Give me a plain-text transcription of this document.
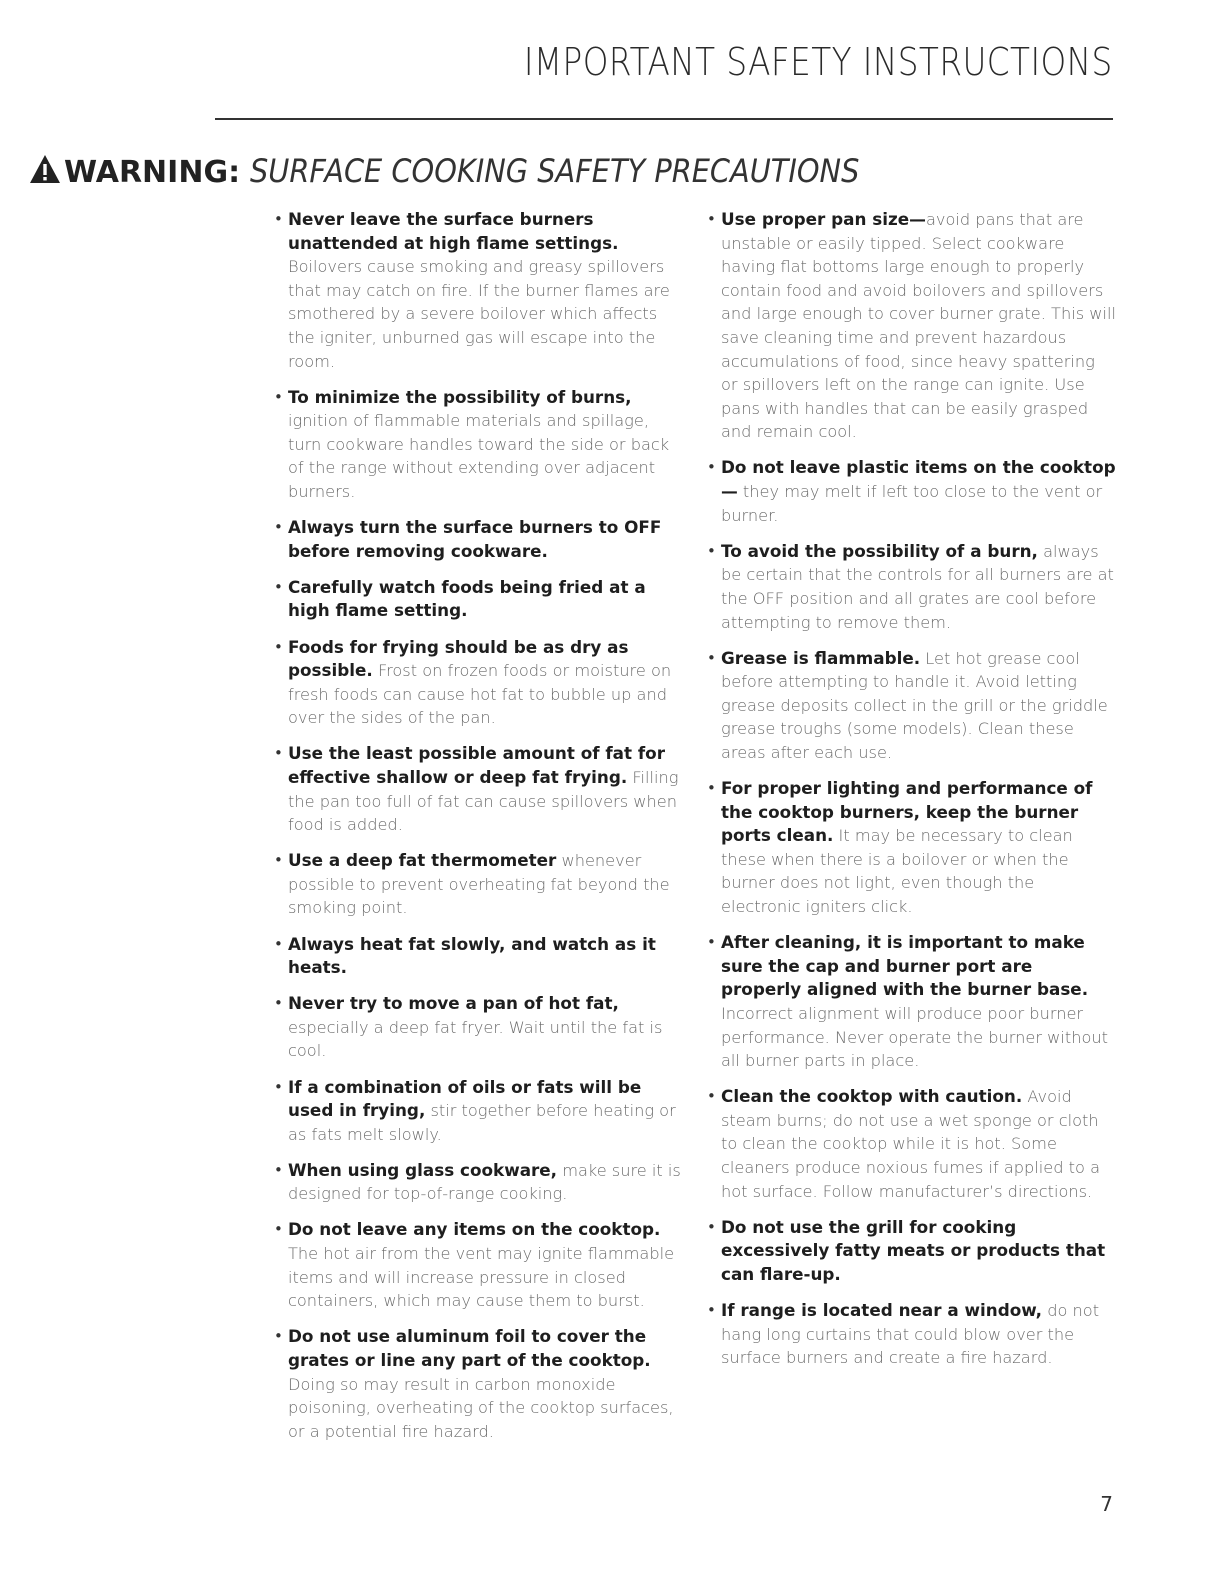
IMPORTANT SAFETY INSTRUCTIONS
WARNING: SURFACE COOKING SAFETY PRECAUTIONS
• Never leave the surface burners unattended at high flame settings. Boilovers cause smoking and greasy spillovers that may catch on fire. If the burner flames are smothered by a severe boilover which affects the igniter, unburned gas will escape into the room.
• To minimize the possibility of burns, ignition of flammable materials and spillage, turn cookware handles toward the side or back of the range without extending over adjacent burners.
• Always turn the surface burners to OFF before removing cookware.
• Carefully watch foods being fried at a high flame setting.
• Foods for frying should be as dry as possible. Frost on frozen foods or moisture on fresh foods can cause hot fat to bubble up and over the sides of the pan.
• Use the least possible amount of fat for effective shallow or deep fat frying. Filling the pan too full of fat can cause spillovers when food is added.
• Use a deep fat thermometer whenever possible to prevent overheating fat beyond the smoking point.
• Always heat fat slowly, and watch as it heats.
• Never try to move a pan of hot fat, especially a deep fat fryer. Wait until the fat is cool.
• If a combination of oils or fats will be used in frying, stir together before heating or as fats melt slowly.
• When using glass cookware, make sure it is designed for top-of-range cooking.
• Do not leave any items on the cooktop. The hot air from the vent may ignite flammable items and will increase pressure in closed containers, which may cause them to burst.
• Do not use aluminum foil to cover the grates or line any part of the cooktop. Doing so may result in carbon monoxide poisoning, overheating of the cooktop surfaces, or a potential fire hazard.
• Use proper pan size—avoid pans that are unstable or easily tipped. Select cookware having flat bottoms large enough to properly contain food and avoid boilovers and spillovers and large enough to cover burner grate. This will save cleaning time and prevent hazardous accumulations of food, since heavy spattering or spillovers left on the range can ignite. Use pans with handles that can be easily grasped and remain cool.
• Do not leave plastic items on the cooktop— they may melt if left too close to the vent or burner.
• To avoid the possibility of a burn, always be certain that the controls for all burners are at the OFF position and all grates are cool before attempting to remove them.
• Grease is flammable. Let hot grease cool before attempting to handle it. Avoid letting grease deposits collect in the grill or the griddle grease troughs (some models). Clean these areas after each use.
• For proper lighting and performance of the cooktop burners, keep the burner ports clean. It may be necessary to clean these when there is a boilover or when the burner does not light, even though the electronic igniters click.
• After cleaning, it is important to make sure the cap and burner port are properly aligned with the burner base. Incorrect alignment will produce poor burner performance. Never operate the burner without all burner parts in place.
• Clean the cooktop with caution. Avoid steam burns; do not use a wet sponge or cloth to clean the cooktop while it is hot. Some cleaners produce noxious fumes if applied to a hot surface. Follow manufacturer’s directions.
• Do not use the grill for cooking excessively fatty meats or products that can flare-up.
• If range is located near a window, do not hang long curtains that could blow over the surface burners and create a fire hazard.
7
